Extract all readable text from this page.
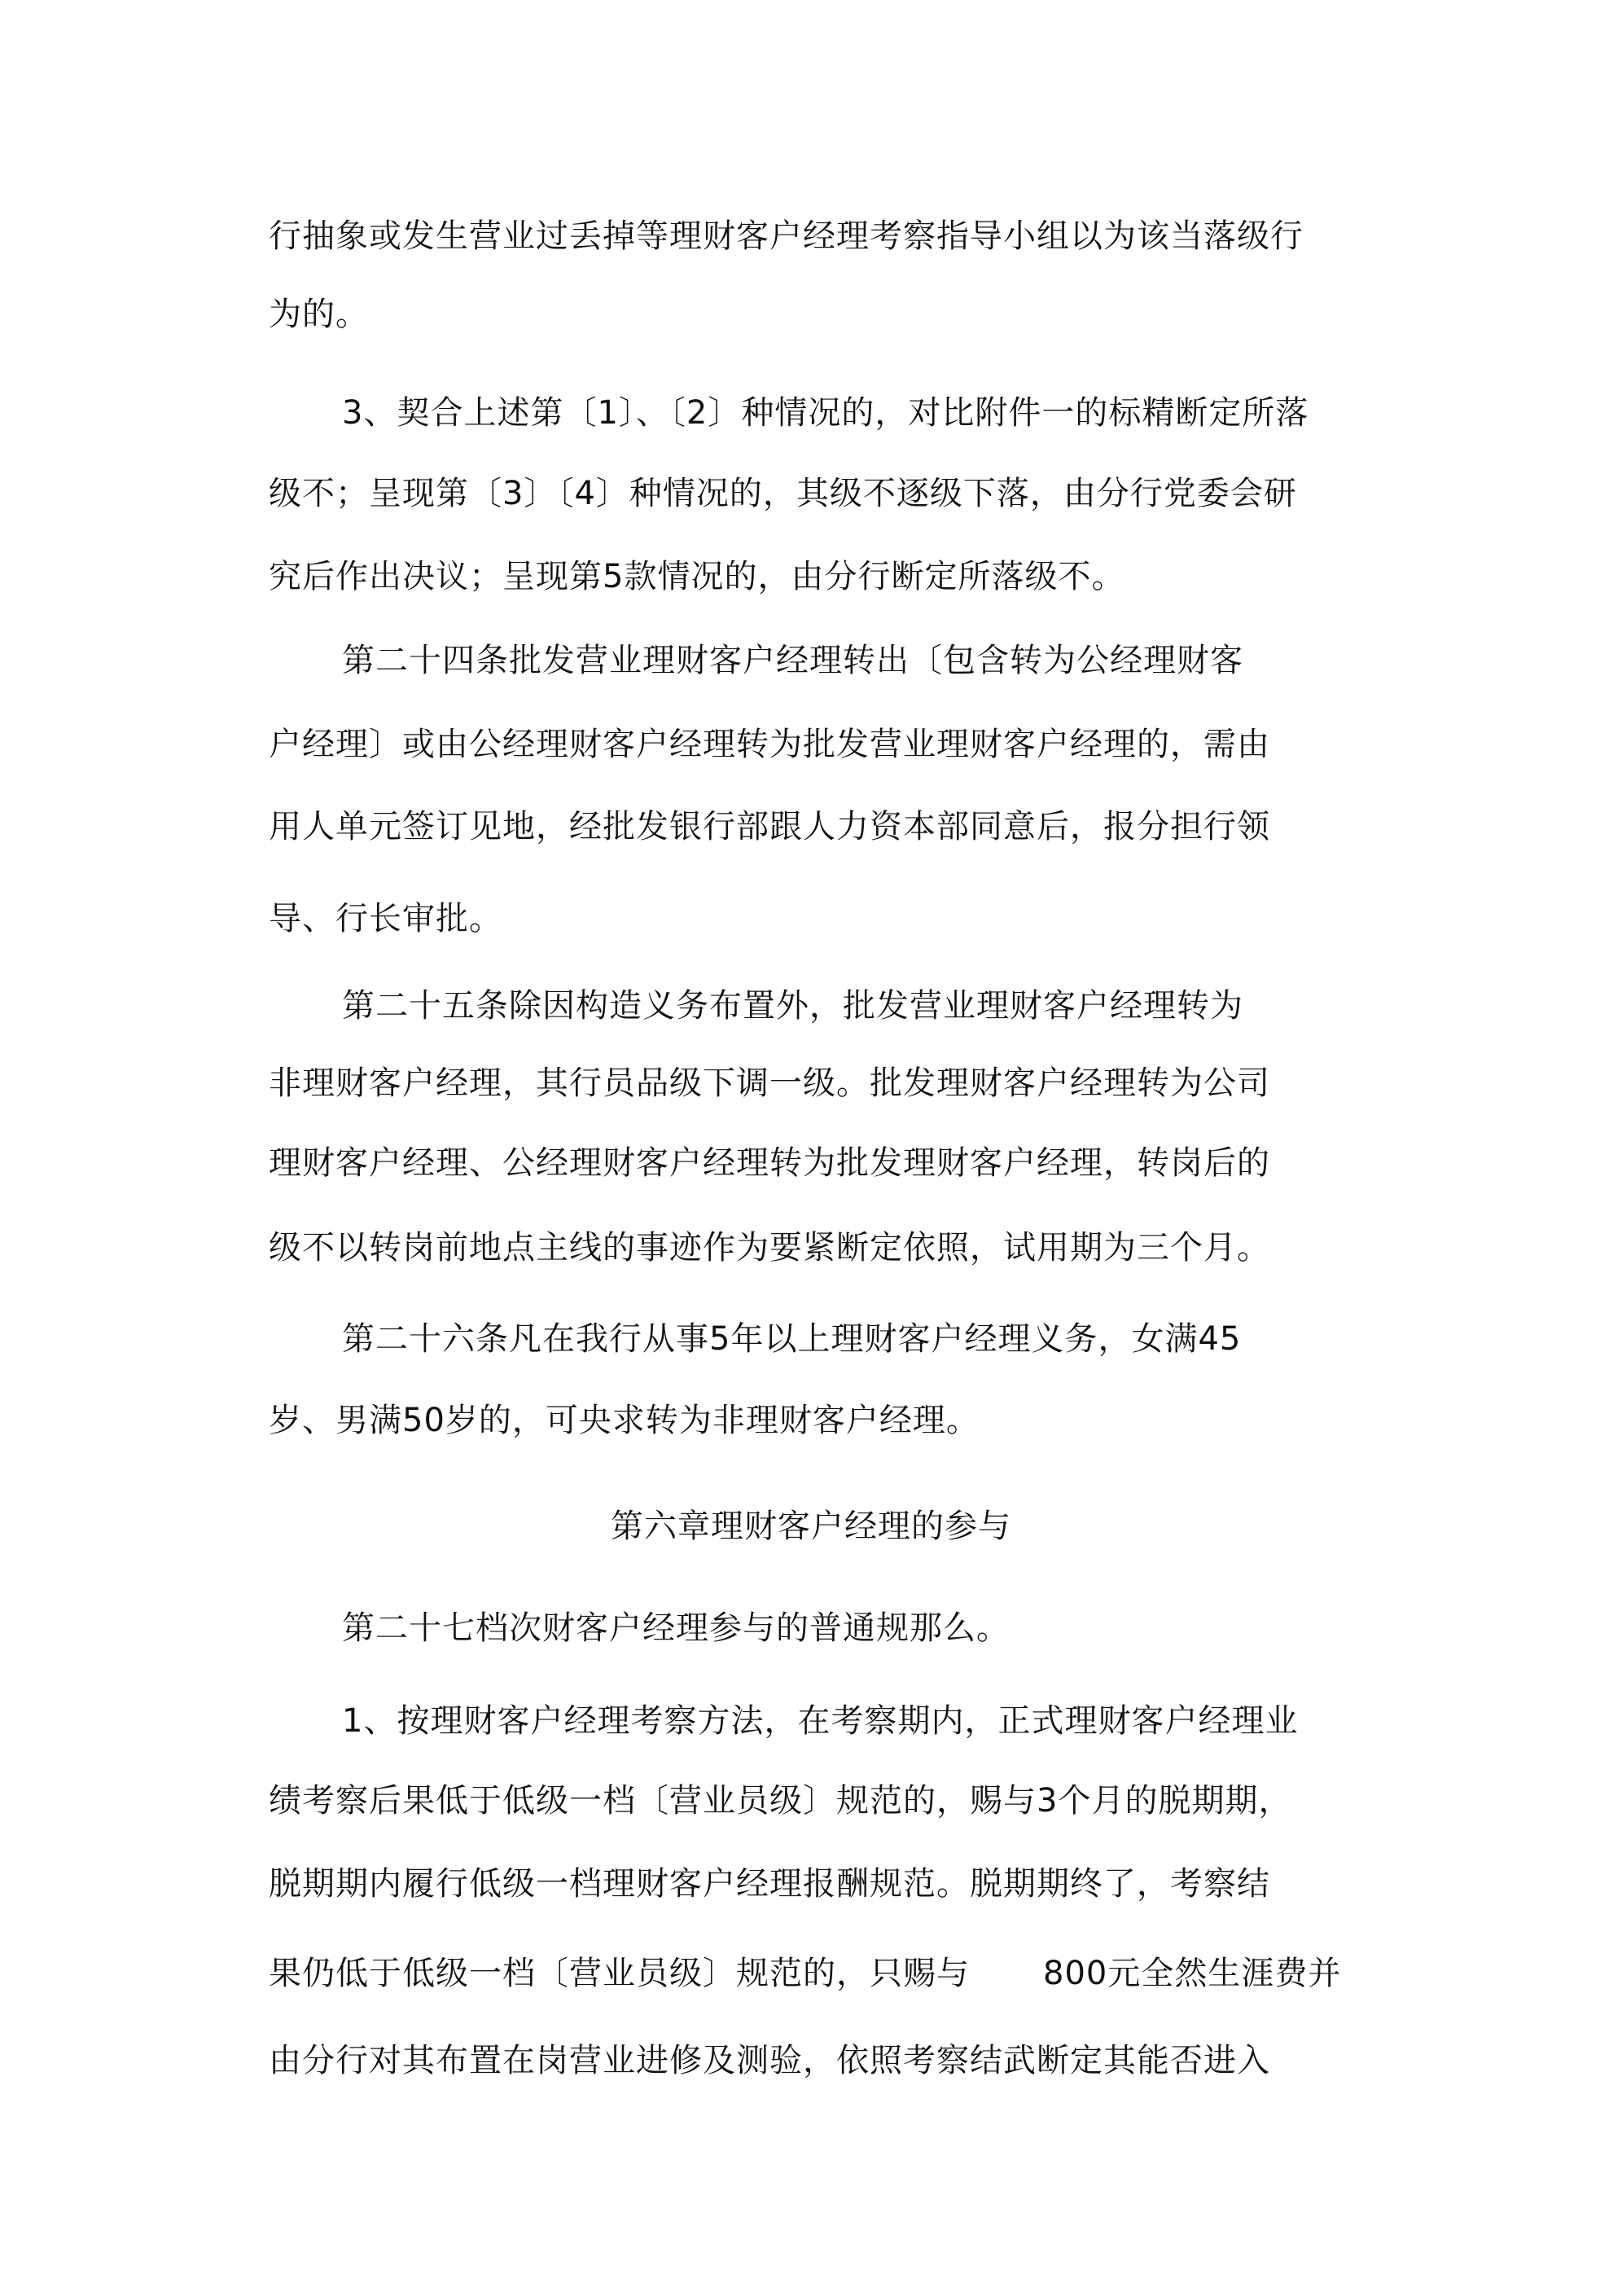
行抽象或发生营业过丢掉等理财客户经理考察指导小组以为该当落级行
为的。
3、契合上述第〔1〕、〔2〕种情况的，对比附件一的标精断定所落
级不；呈现第〔3〕〔4〕种情况的，其级不逐级下落，由分行党委会研
究后作出决议；呈现第5款情况的，由分行断定所落级不。
第二十四条批发营业理财客户经理转出〔包含转为公经理财客
户经理〕或由公经理财客户经理转为批发营业理财客户经理的，需由
用人单元签订见地，经批发银行部跟人力资本部同意后，报分担行领
导、行长审批。
第二十五条除因构造义务布置外，批发营业理财客户经理转为
非理财客户经理，其行员品级下调一级。批发理财客户经理转为公司
理财客户经理、公经理财客户经理转为批发理财客户经理，转岗后的
级不以转岗前地点主线的事迹作为要紧断定依照，试用期为三个月。
第二十六条凡在我行从事5年以上理财客户经理义务，女满45
岁、男满50岁的，可央求转为非理财客户经理。
第六章理财客户经理的参与
第二十七档次财客户经理参与的普通规那么。
1、按理财客户经理考察方法，在考察期内，正式理财客户经理业
绩考察后果低于低级一档〔营业员级〕规范的，赐与3个月的脱期期，
脱期期内履行低级一档理财客户经理报酬规范。脱期期终了，考察结
果仍低于低级一档〔营业员级〕规范的，只赐与 800元全然生涯费并
由分行对其布置在岗营业进修及测验，依照考察结武断定其能否进入
